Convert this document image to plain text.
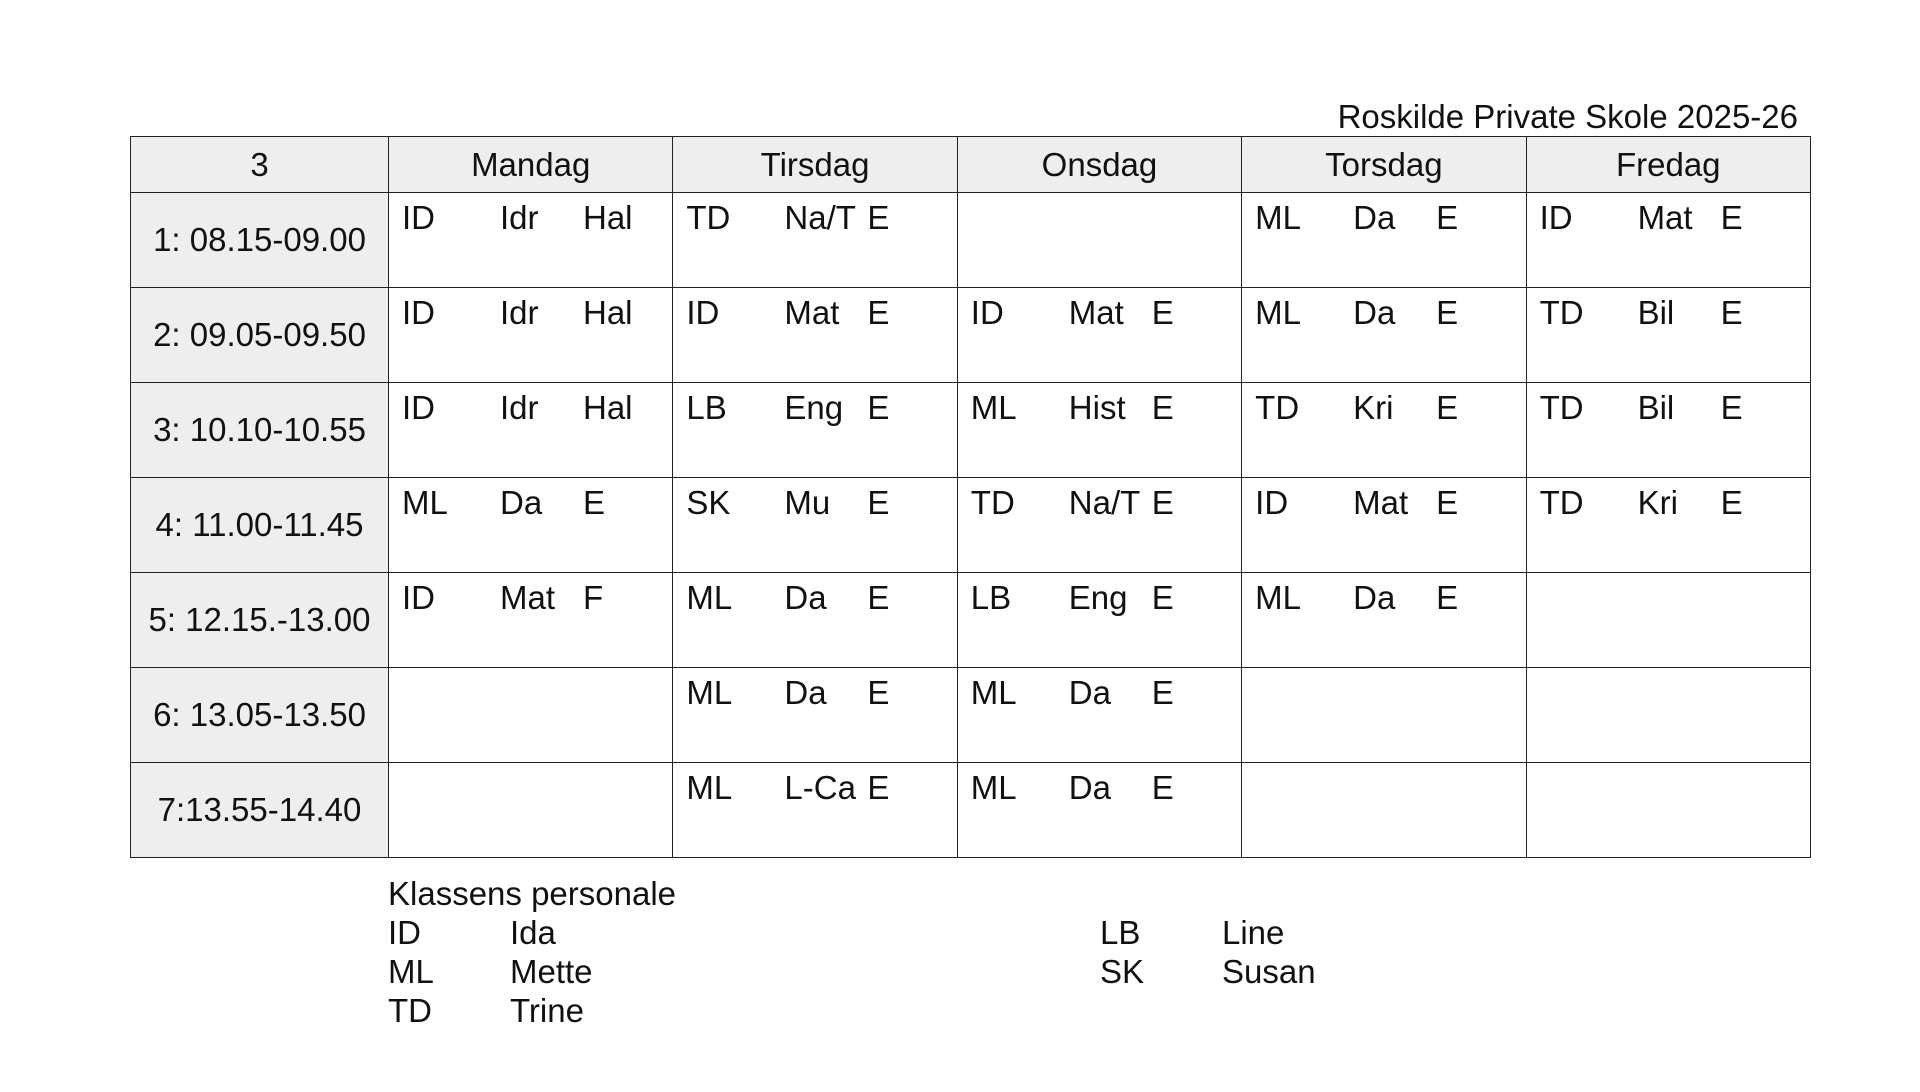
Roskilde Private Skole 2025-26
3	Mandag	Tirsdag	Onsdag	Torsdag	Fredag
1: 08.15-09.00	ID Idr Hal	TD Na/T E		ML Da E	ID Mat E

2: 09.05-09.50	ID Idr Hal	ID Mat E	ID Mat E	ML Da E	TD Bil E

3: 10.10-10.55	ID Idr Hal	LB Eng E	ML Hist E	TD Kri E	TD Bil E

4: 11.00-11.45	ML Da E	SK Mu E	TD Na/T E	ID Mat E	TD Kri E

5: 12.15.-13.00	ID Mat F	ML Da E	LB Eng E	ML Da E	

6: 13.05-13.50		ML Da E	ML Da E		

7:13.55-14.40		ML L-Ca E	ML Da E		

Klassens personale
ID	Ida
ML Mette
TD Trine
LB Line
SK Susan
